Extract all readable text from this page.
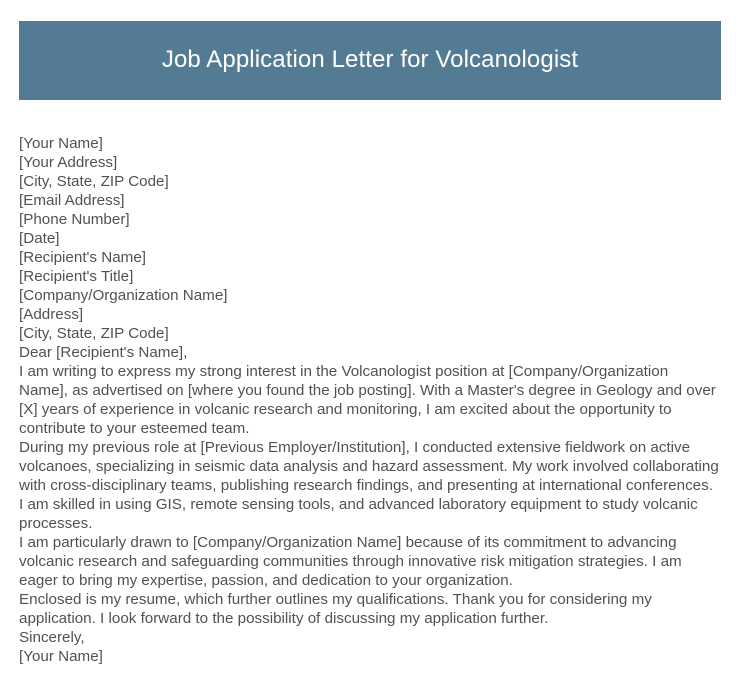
Job Application Letter for Volcanologist
[Your Name]
[Your Address]
[City, State, ZIP Code]
[Email Address]
[Phone Number]
[Date]
[Recipient's Name]
[Recipient's Title]
[Company/Organization Name]
[Address]
[City, State, ZIP Code]
Dear [Recipient's Name],
I am writing to express my strong interest in the Volcanologist position at [Company/Organization Name], as advertised on [where you found the job posting]. With a Master's degree in Geology and over [X] years of experience in volcanic research and monitoring, I am excited about the opportunity to contribute to your esteemed team.
During my previous role at [Previous Employer/Institution], I conducted extensive fieldwork on active volcanoes, specializing in seismic data analysis and hazard assessment. My work involved collaborating with cross-disciplinary teams, publishing research findings, and presenting at international conferences. I am skilled in using GIS, remote sensing tools, and advanced laboratory equipment to study volcanic processes.
I am particularly drawn to [Company/Organization Name] because of its commitment to advancing volcanic research and safeguarding communities through innovative risk mitigation strategies. I am eager to bring my expertise, passion, and dedication to your organization.
Enclosed is my resume, which further outlines my qualifications. Thank you for considering my application. I look forward to the possibility of discussing my application further.
Sincerely,
[Your Name]
